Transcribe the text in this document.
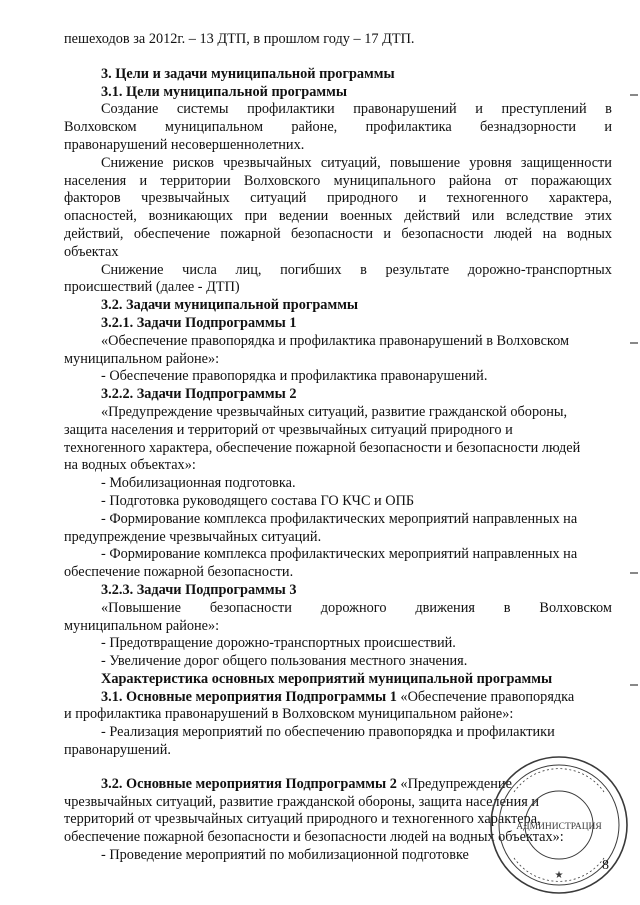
пешеходов за 2012г. – 13 ДТП, в прошлом году – 17 ДТП.
3. Цели и задачи муниципальной программы
3.1. Цели муниципальной программы
Создание системы профилактики правонарушений и преступлений в
Волховском муниципальном районе, профилактика безнадзорности и
правонарушений несовершеннолетних.
Снижение рисков чрезвычайных ситуаций, повышение уровня защищенности
населения и территории Волховского муниципального района от поражающих
факторов чрезвычайных ситуаций природного и техногенного характера,
опасностей, возникающих при ведении военных действий или вследствие этих
действий, обеспечение пожарной безопасности и безопасности людей на водных
объектах
Снижение числа лиц, погибших в результате дорожно-транспортных
происшествий (далее - ДТП)
3.2. Задачи муниципальной программы
3.2.1. Задачи Подпрограммы 1
«Обеспечение правопорядка и профилактика правонарушений в Волховском
муниципальном районе»:
- Обеспечение правопорядка и профилактика правонарушений.
3.2.2. Задачи Подпрограммы 2
«Предупреждение чрезвычайных ситуаций, развитие гражданской обороны,
защита населения и территорий от чрезвычайных ситуаций природного и
техногенного характера, обеспечение пожарной безопасности и безопасности людей
на водных объектах»:
- Мобилизационная подготовка.
- Подготовка руководящего состава ГО КЧС и ОПБ
- Формирование комплекса профилактических мероприятий направленных на
предупреждение чрезвычайных ситуаций.
- Формирование комплекса профилактических мероприятий направленных на
обеспечение пожарной безопасности.
3.2.3. Задачи Подпрограммы 3
«Повышение безопасности дорожного движения в Волховском
муниципальном районе»:
- Предотвращение дорожно-транспортных происшествий.
- Увеличение дорог общего пользования местного значения.
Характеристика основных мероприятий муниципальной программы
3.1. Основные мероприятия Подпрограммы 1 «Обеспечение правопорядка
и профилактика правонарушений в Волховском муниципальном районе»:
- Реализация мероприятий по обеспечению правопорядка и профилактики
правонарушений.
3.2. Основные мероприятия Подпрограммы 2 «Предупреждение
чрезвычайных ситуаций, развитие гражданской обороны, защита населения и
территорий от чрезвычайных ситуаций природного и техногенного характера,
обеспечение пожарной безопасности и безопасности людей на водных объектах»:
- Проведение мероприятий по мобилизационной подготовке
АДМИНИСТРАЦИЯ
★
8
